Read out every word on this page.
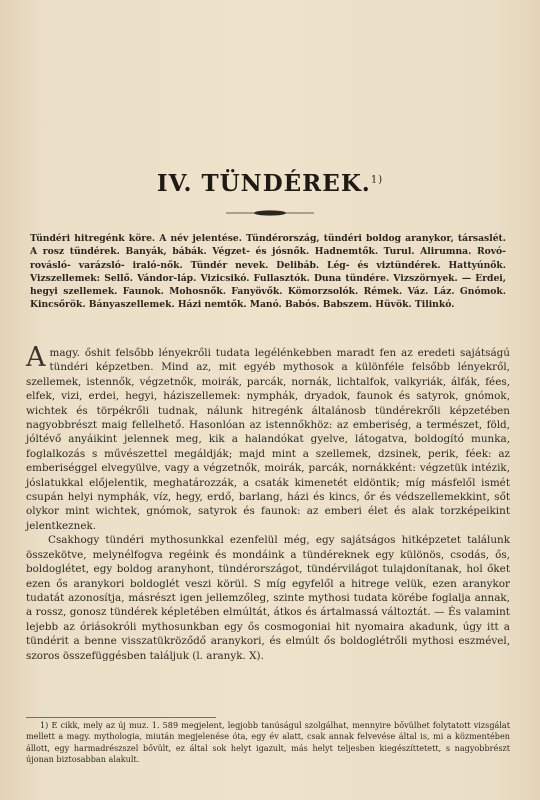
IV. TÜNDÉREK.$^{1)}$
Tündéri hitregénk köre. A név jelentése. Tündérország, tündéri boldog aranykor, társaslét. A rosz tündérek. Banyák, bábák. Végzet- és jósnők. Hadnemtők. Turul. Alirumna. Rovó- rovásló- varázsló- iraló-nők. Tündér nevek. Delibáb. Lég- és viztündérek. Hattyúnők. Vizszellemek: Sellő. Vándor-láp. Vizicsikó. Fullasztók. Duna tündére. Vizszörnyek. — Erdei, hegyi szellemek. Faunok. Mohosnők. Fanyövők. Kömorzsolók. Rémek. Váz. Láz. Gnómok. Kincsőrök. Bányaszellemek. Házi nemtők. Manó. Babós. Babszem. Hüvök. Tilinkó.

A magy. őshit felsőbb lényekrőli tudata legélénkebben maradt fen az eredeti sajátságú tündéri képzetben. Mind az, mit egyéb mythosok a különféle felsőbb lényekről, szellemek, istennők, végzetnők, moirák, parcák, nornák, lichtalfok, valkyriák, álfák, fées, elfek, vizi, erdei, hegyi, háziszellemek: nymphák, dryadok, faunok és satyrok, gnómok, wichtek és törpékrőli tudnak, nálunk hitregénk általánosb tündérekrőli képzetében nagyobbrészt maig fellelhető. Hasonlóan az istennőkhöz: az emberiség, a természet, föld, jóltévő anyáikint jelennek meg, kik a halandókat gyelve, látogatva, boldogító munka, foglalkozás s művészettel megáldják; majd mint a szellemek, dzsinek, perik, féek: az emberiséggel elvegyülve, vagy a végzetnők, moirák, parcák, nornákként: végzetük intézik, jóslatukkal előjelentik, meghatározzák, a csaták kimenetét eldöntik; míg másfelől ismét csupán helyi nymphák, víz, hegy, erdő, barlang, házi és kincs, őr és védszellemekkint, sőt olykor mint wichtek, gnómok, satyrok és faunok: az emberi élet és alak torzképeikint jelentkeznek.

Csakhogy tündéri mythosunkkal ezenfelül még, egy sajátságos hitképzetet találunk összekötve, melynélfogva regéink és mondáink a tündéreknek egy különös, csodás, ős, boldoglétet, egy boldog aranyhont, tündérországot, tündérvilágot tulajdonítanak, hol őket ezen ős aranykori boldoglét veszi körül. S míg egyfelől a hitrege velük, ezen aranykor tudatát azonosítja, másrészt igen jellemzőleg, szinte mythosi tudata körébe foglalja annak, a rossz, gonosz tündérek képletében elmúltát, átkos és ártalmassá változtát. — És valamint lejebb az óriásokróli mythosunkban egy ős cosmogoniai hit nyomaira akadunk, úgy itt a tündérit a benne visszatükröződő aranykori, és elmúlt ős boldoglétrőli mythosi eszmével, szoros összefüggésben találjuk (l. aranyk. X).

1) E cikk, mely az új muz. 1. 589 megjelent, legjobb tanúságul szolgálhat, mennyire bővülhet folytatott vizsgálat mellett a magy. mythologia, miután megjelenése óta, egy év alatt, csak annak felvevése által is, mi a közmentében állott, egy harmadrészszel bővült, ez által sok helyt igazult, más helyt teljesben kiegészíttetett, s nagyobbrészt újonan biztosabban alakult.
